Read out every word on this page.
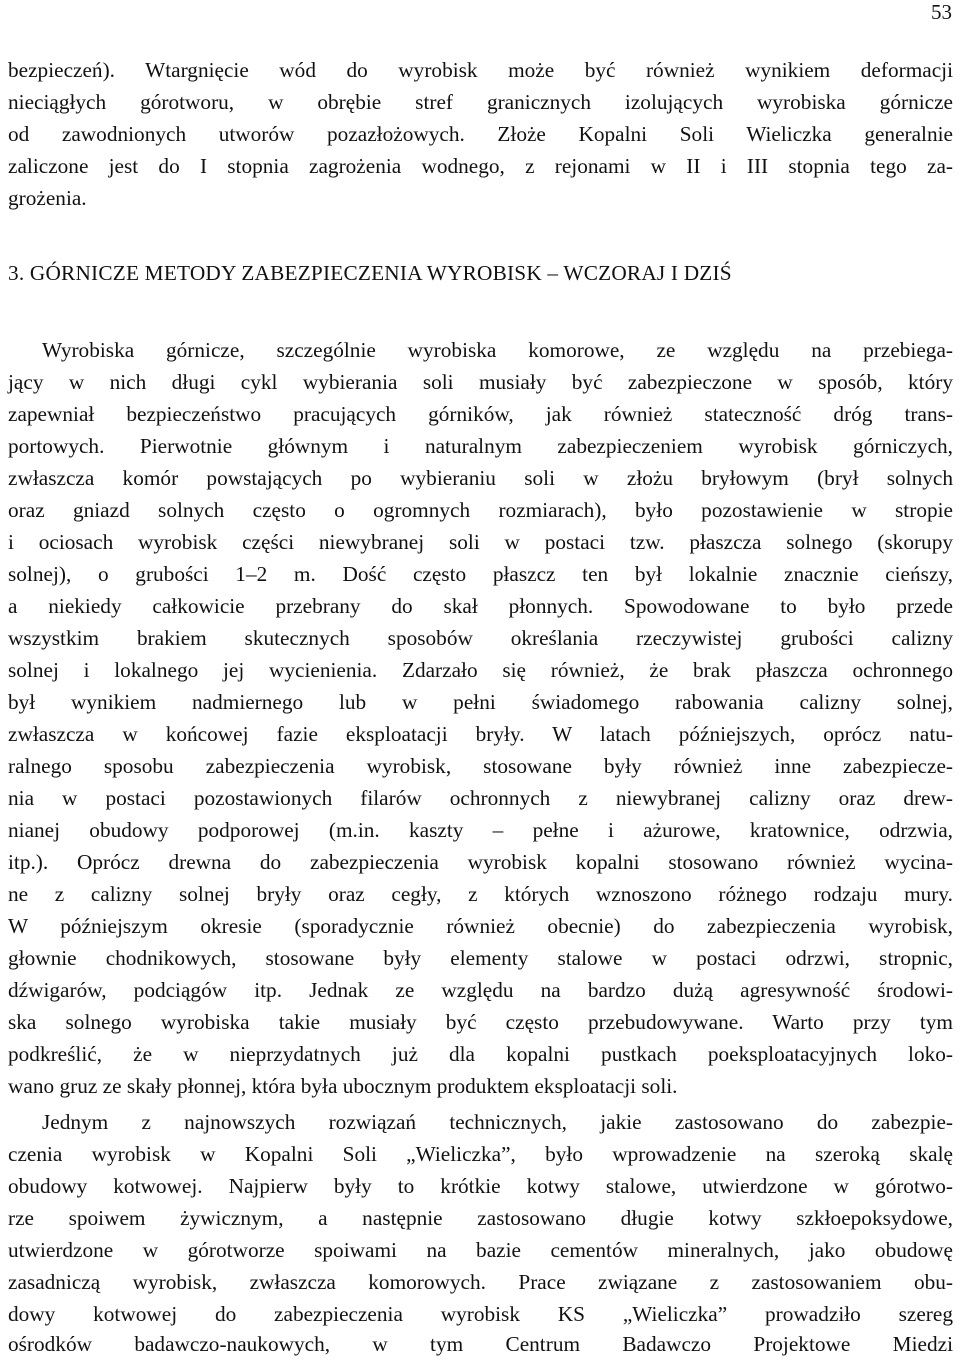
53
bezpieczeń). Wtargnięcie wód do wyrobisk może być również wynikiem deformacji
nieciągłych górotworu, w obrębie stref granicznych izolujących wyrobiska górnicze
od zawodnionych utworów pozazłożowych. Złoże Kopalni Soli Wieliczka generalnie
zaliczone jest do I stopnia zagrożenia wodnego, z rejonami w II i III stopnia tego za-
grożenia.
3. GÓRNICZE METODY ZABEZPIECZENIA WYROBISK – WCZORAJ I DZIŚ
Wyrobiska górnicze, szczególnie wyrobiska komorowe, ze względu na przebiega-
jący w nich długi cykl wybierania soli musiały być zabezpieczone w sposób, który
zapewniał bezpieczeństwo pracujących górników, jak również stateczność dróg trans-
portowych. Pierwotnie głównym i naturalnym zabezpieczeniem wyrobisk górniczych,
zwłaszcza komór powstających po wybieraniu soli w złożu bryłowym (brył solnych
oraz gniazd solnych często o ogromnych rozmiarach), było pozostawienie w stropie
i ociosach wyrobisk części niewybranej soli w postaci tzw. płaszcza solnego (skorupy
solnej), o grubości 1–2 m. Dość często płaszcz ten był lokalnie znacznie cieńszy,
a niekiedy całkowicie przebrany do skał płonnych. Spowodowane to było przede
wszystkim brakiem skutecznych sposobów określania rzeczywistej grubości calizny
solnej i lokalnego jej wycienienia. Zdarzało się również, że brak płaszcza ochronnego
był wynikiem nadmiernego lub w pełni świadomego rabowania calizny solnej,
zwłaszcza w końcowej fazie eksploatacji bryły. W latach późniejszych, oprócz natu-
ralnego sposobu zabezpieczenia wyrobisk, stosowane były również inne zabezpiecze-
nia w postaci pozostawionych filarów ochronnych z niewybranej calizny oraz drew-
nianej obudowy podporowej (m.in. kaszty – pełne i ażurowe, kratownice, odrzwia,
itp.). Oprócz drewna do zabezpieczenia wyrobisk kopalni stosowano również wycina-
ne z calizny solnej bryły oraz cegły, z których wznoszono różnego rodzaju mury.
W późniejszym okresie (sporadycznie również obecnie) do zabezpieczenia wyrobisk,
głownie chodnikowych, stosowane były elementy stalowe w postaci odrzwi, stropnic,
dźwigarów, podciągów itp. Jednak ze względu na bardzo dużą agresywność środowi-
ska solnego wyrobiska takie musiały być często przebudowywane. Warto przy tym
podkreślić, że w nieprzydatnych już dla kopalni pustkach poeksploatacyjnych loko-
wano gruz ze skały płonnej, która była ubocznym produktem eksploatacji soli.
Jednym z najnowszych rozwiązań technicznych, jakie zastosowano do zabezpie-
czenia wyrobisk w Kopalni Soli „Wieliczka”, było wprowadzenie na szeroką skalę
obudowy kotwowej. Najpierw były to krótkie kotwy stalowe, utwierdzone w górotwo-
rze spoiwem żywicznym, a następnie zastosowano długie kotwy szkłoepoksydowe,
utwierdzone w górotworze spoiwami na bazie cementów mineralnych, jako obudowę
zasadniczą wyrobisk, zwłaszcza komorowych. Prace związane z zastosowaniem obu-
dowy kotwowej do zabezpieczenia wyrobisk KS „Wieliczka” prowadziło szereg
ośrodków badawczo-naukowych, w tym Centrum Badawczo Projektowe Miedzi
